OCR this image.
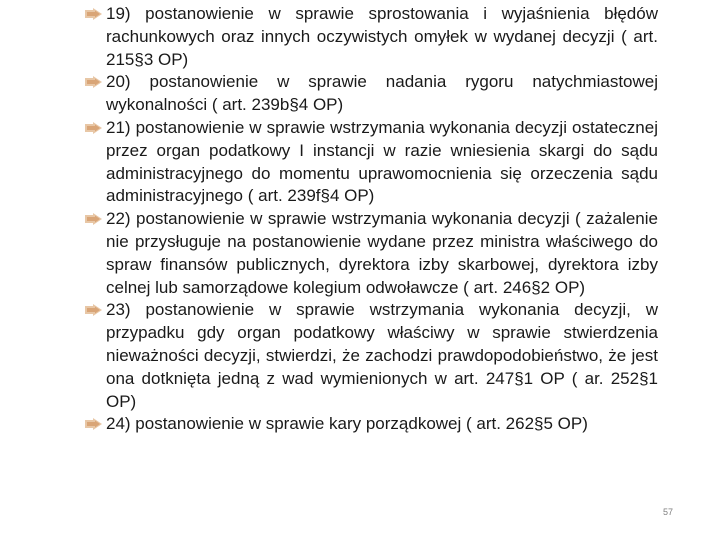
19) postanowienie w sprawie sprostowania i wyjaśnienia błędów rachunkowych oraz innych oczywistych omyłek w wydanej decyzji ( art. 215§3 OP)
20) postanowienie w sprawie nadania rygoru natychmiastowej wykonalności ( art. 239b§4 OP)
21) postanowienie w sprawie wstrzymania wykonania decyzji ostatecznej przez organ podatkowy I instancji w razie wniesienia skargi do sądu administracyjnego do momentu uprawomocnienia się orzeczenia sądu administracyjnego ( art. 239f§4 OP)
22) postanowienie w sprawie wstrzymania wykonania decyzji ( zażalenie nie przysługuje na postanowienie wydane przez ministra właściwego do spraw finansów publicznych, dyrektora izby skarbowej, dyrektora izby celnej lub samorządowe kolegium odwoławcze ( art. 246§2 OP)
23) postanowienie w sprawie wstrzymania wykonania decyzji, w przypadku gdy organ podatkowy właściwy w sprawie stwierdzenia nieważności decyzji, stwierdzi, że zachodzi prawdopodobieństwo, że jest ona dotknięta jedną z wad wymienionych w art. 247§1 OP ( ar. 252§1 OP)
24) postanowienie w sprawie kary porządkowej ( art. 262§5 OP)
57
